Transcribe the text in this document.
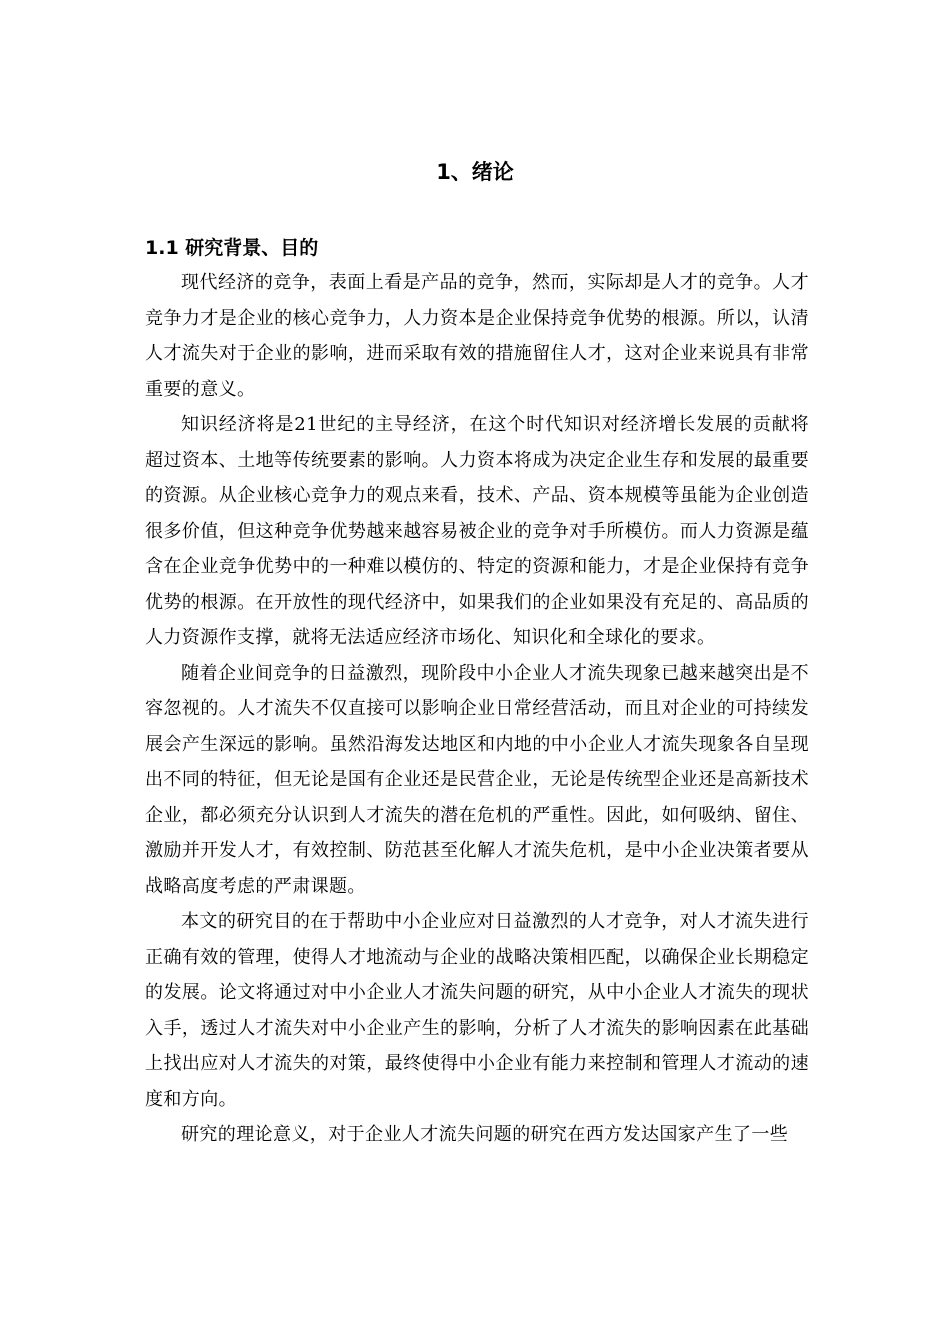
1、绪论
1.1 研究背景、目的

现代经济的竞争，表面上看是产品的竞争，然而，实际却是人才的竞争。人才竞争力才是企业的核心竞争力，人力资本是企业保持竞争优势的根源。所以，认清人才流失对于企业的影响，进而采取有效的措施留住人才，这对企业来说具有非常重要的意义。

知识经济将是21世纪的主导经济，在这个时代知识对经济增长发展的贡献将超过资本、土地等传统要素的影响。人力资本将成为决定企业生存和发展的最重要的资源。从企业核心竞争力的观点来看，技术、产品、资本规模等虽能为企业创造很多价值，但这种竞争优势越来越容易被企业的竞争对手所模仿。而人力资源是蕴含在企业竞争优势中的一种难以模仿的、特定的资源和能力，才是企业保持有竞争优势的根源。在开放性的现代经济中，如果我们的企业如果没有充足的、高品质的人力资源作支撑，就将无法适应经济市场化、知识化和全球化的要求。

随着企业间竞争的日益激烈，现阶段中小企业人才流失现象已越来越突出是不容忽视的。人才流失不仅直接可以影响企业日常经营活动，而且对企业的可持续发展会产生深远的影响。虽然沿海发达地区和内地的中小企业人才流失现象各自呈现出不同的特征，但无论是国有企业还是民营企业，无论是传统型企业还是高新技术企业，都必须充分认识到人才流失的潜在危机的严重性。因此，如何吸纳、留住、激励并开发人才，有效控制、防范甚至化解人才流失危机，是中小企业决策者要从战略高度考虑的严肃课题。

本文的研究目的在于帮助中小企业应对日益激烈的人才竞争，对人才流失进行正确有效的管理，使得人才地流动与企业的战略决策相匹配，以确保企业长期稳定的发展。论文将通过对中小企业人才流失问题的研究，从中小企业人才流失的现状入手，透过人才流失对中小企业产生的影响，分析了人才流失的影响因素在此基础上找出应对人才流失的对策，最终使得中小企业有能力来控制和管理人才流动的速度和方向。

研究的理论意义，对于企业人才流失问题的研究在西方发达国家产生了一些
